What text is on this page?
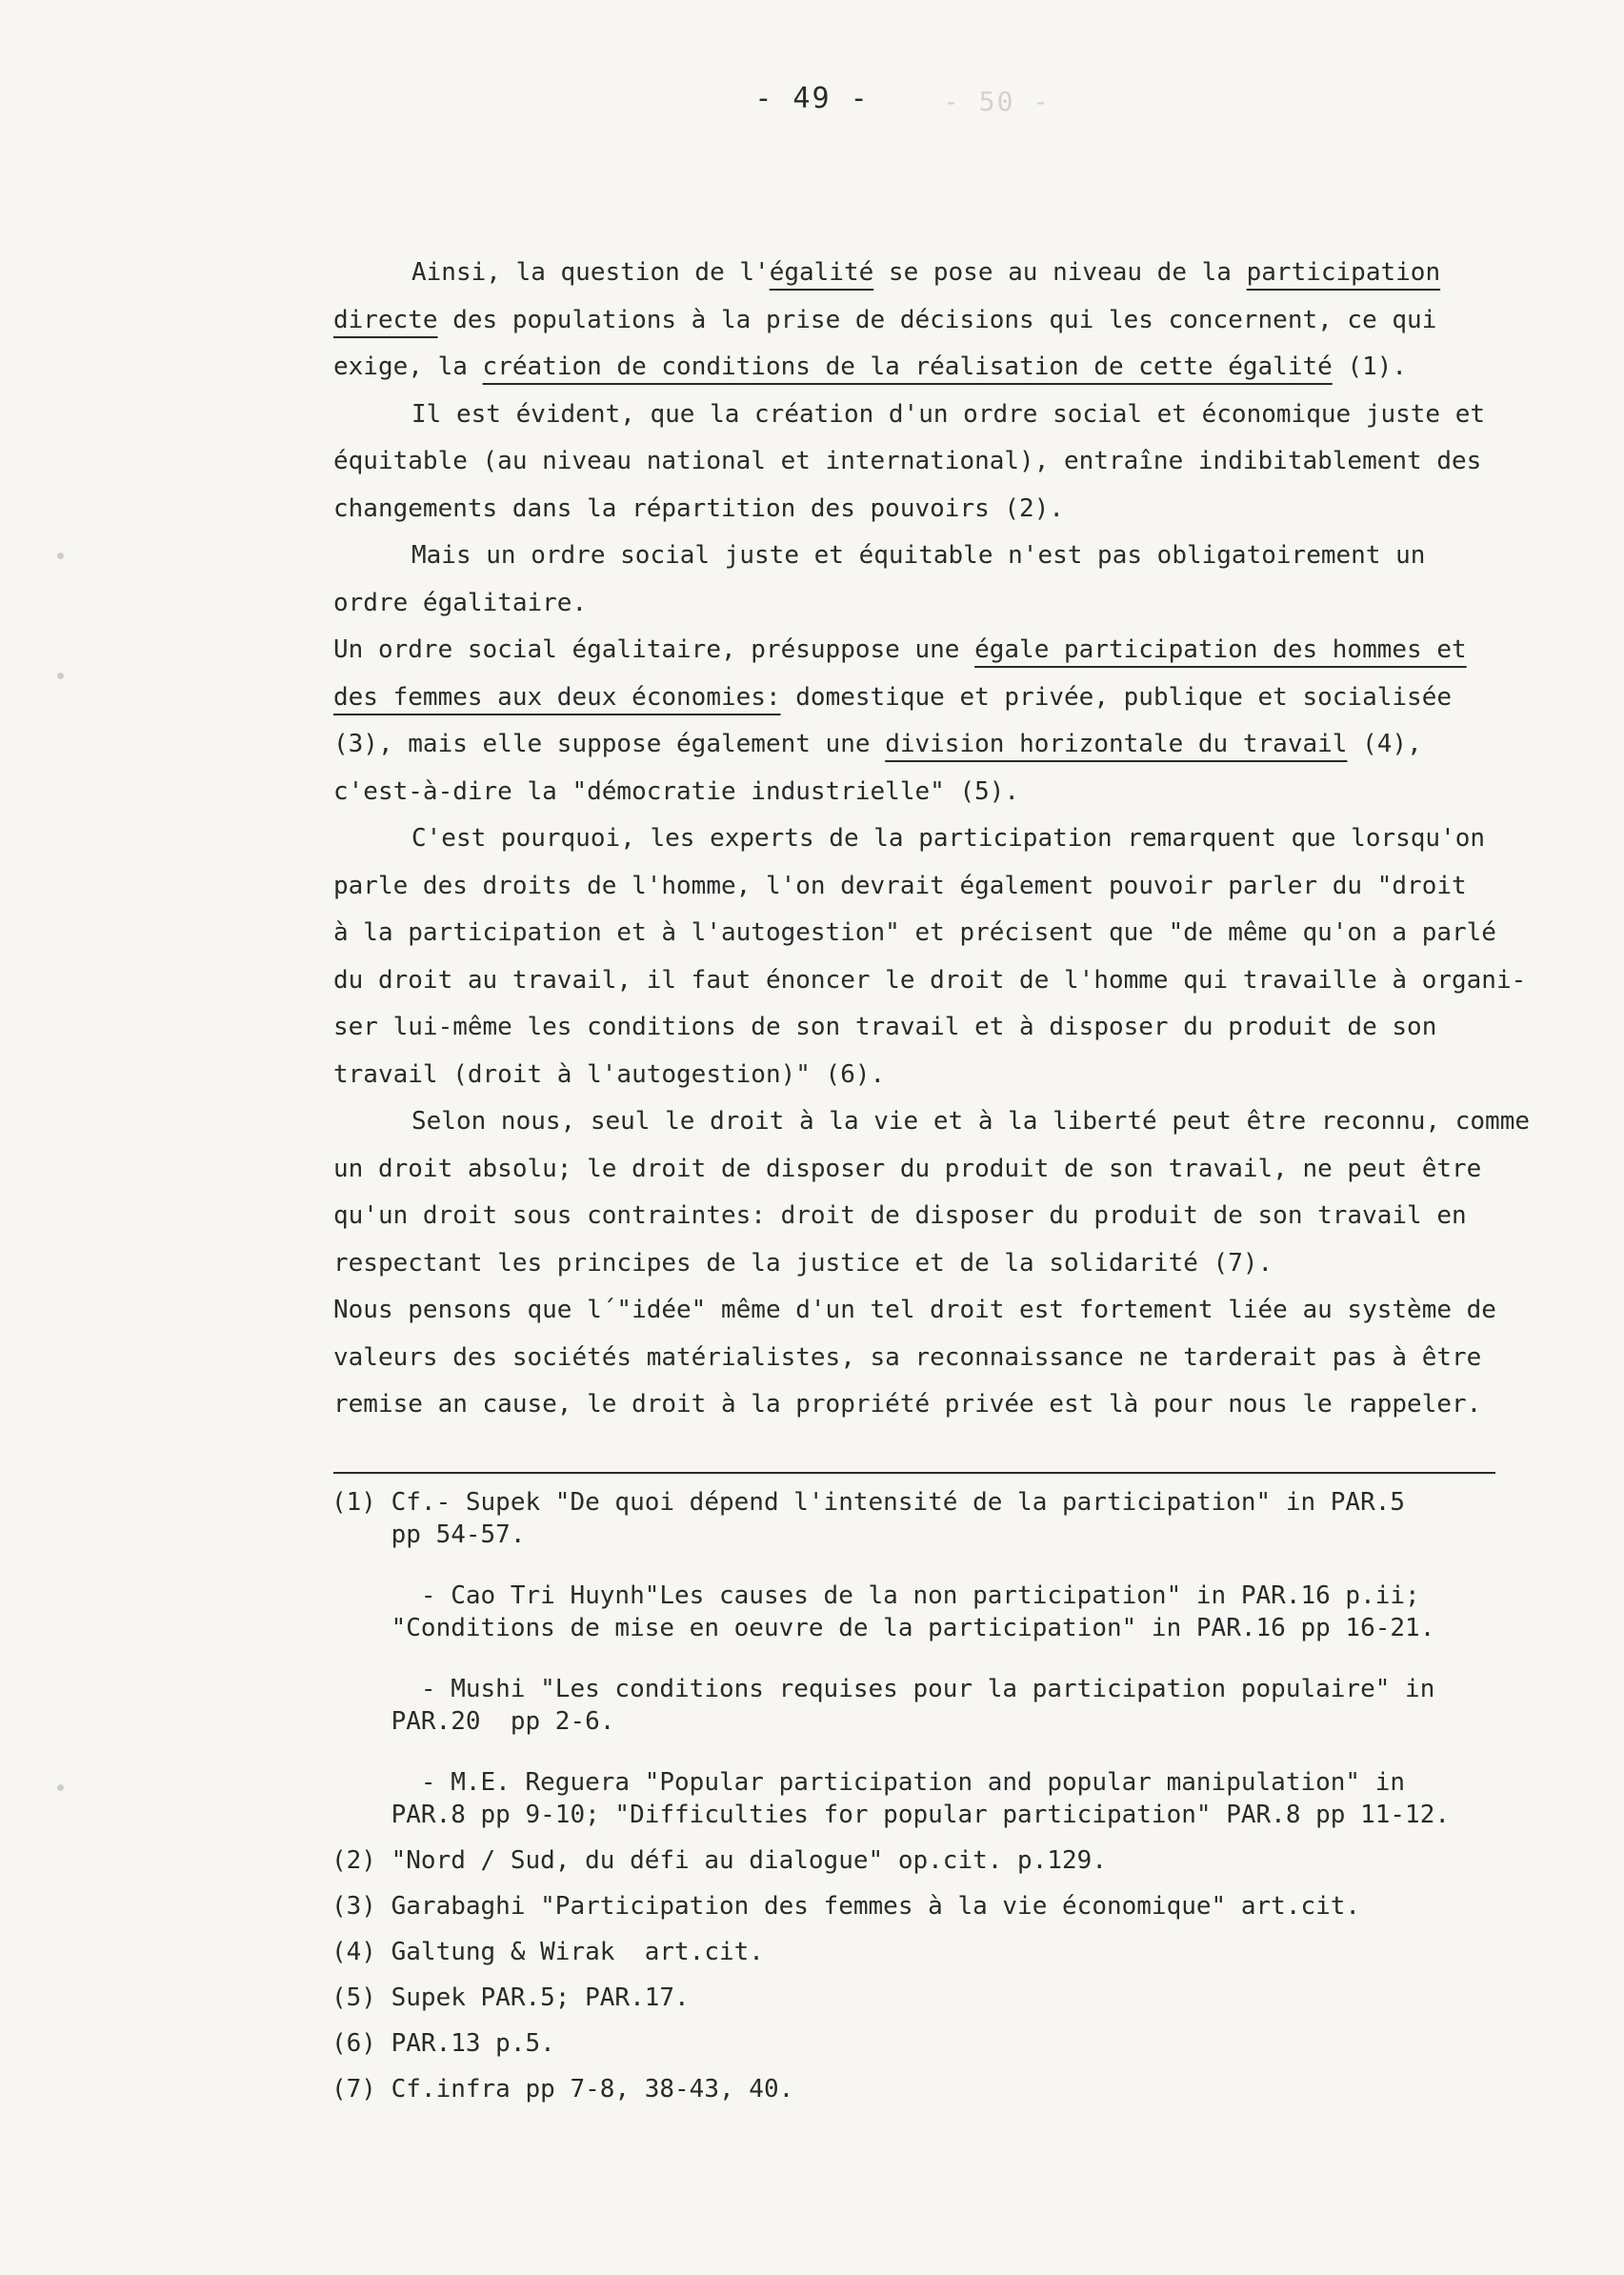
- 49 -	- 50 -
Ainsi, la question de l'égalité se pose au niveau de la participation
directe des populations à la prise de décisions qui les concernent, ce qui
exige, la création de conditions de la réalisation de cette égalité (1).
Il est évident, que la création d'un ordre social et économique juste et
équitable (au niveau national et international), entraîne indibitablement des
changements dans la répartition des pouvoirs (2).
Mais un ordre social juste et équitable n'est pas obligatoirement un
ordre égalitaire.
Un ordre social égalitaire, présuppose une égale participation des hommes et
des femmes aux deux économies: domestique et privée, publique et socialisée
(3), mais elle suppose également une division horizontale du travail (4),
c'est-à-dire la "démocratie industrielle" (5).
C'est pourquoi, les experts de la participation remarquent que lorsqu'on
parle des droits de l'homme, l'on devrait également pouvoir parler du "droit
à la participation et à l'autogestion" et précisent que "de même qu'on a parlé
du droit au travail, il faut énoncer le droit de l'homme qui travaille à organi-
ser lui-même les conditions de son travail et à disposer du produit de son
travail (droit à l'autogestion)" (6).
Selon nous, seul le droit à la vie et à la liberté peut être reconnu, comme
un droit absolu; le droit de disposer du produit de son travail, ne peut être
qu'un droit sous contraintes: droit de disposer du produit de son travail en
respectant les principes de la justice et de la solidarité (7).
Nous pensons que l´"idée" même d'un tel droit est fortement liée au système de
valeurs des sociétés matérialistes, sa reconnaissance ne tarderait pas à être
remise an cause, le droit à la propriété privée est là pour nous le rappeler.
(1) Cf.- Supek "De quoi dépend l'intensité de la participation" in PAR.5
pp 54-57.
- Cao Tri Huynh"Les causes de la non participation" in PAR.16 p.ii;
"Conditions de mise en oeuvre de la participation" in PAR.16 pp 16-21.
- Mushi "Les conditions requises pour la participation populaire" in
PAR.20  pp 2-6.
- M.E. Reguera "Popular participation and popular manipulation" in
PAR.8 pp 9-10; "Difficulties for popular participation" PAR.8 pp 11-12.
(2) "Nord / Sud, du défi au dialogue" op.cit. p.129.
(3) Garabaghi "Participation des femmes à la vie économique" art.cit.
(4) Galtung & Wirak  art.cit.
(5) Supek PAR.5; PAR.17.
(6) PAR.13 p.5.
(7) Cf.infra pp 7-8, 38-43, 40.
